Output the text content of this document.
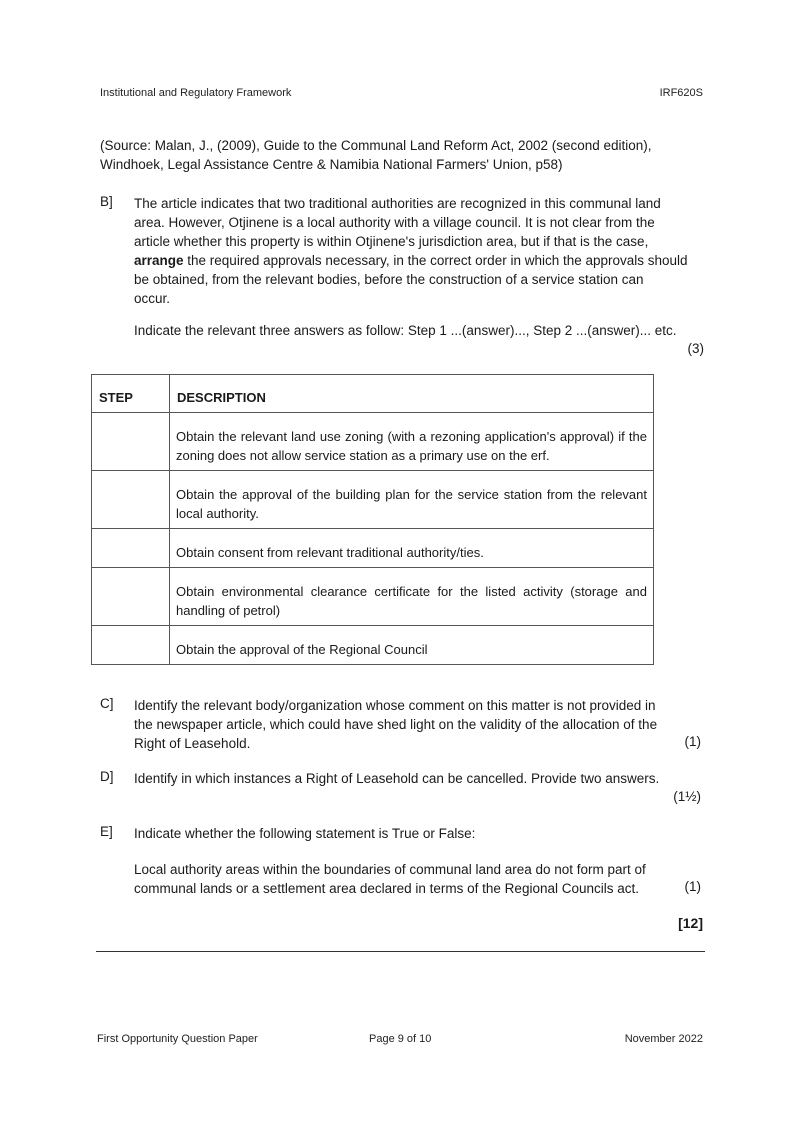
Institutional and Regulatory Framework	IRF620S
(Source: Malan, J., (2009), Guide to the Communal Land Reform Act, 2002 (second edition),
Windhoek, Legal Assistance Centre & Namibia National Farmers' Union, p58)
B] The article indicates that two traditional authorities are recognized in this communal land
area. However, Otjinene is a local authority with a village council. It is not clear from the
article whether this property is within Otjinene's jurisdiction area, but if that is the case,
arrange the required approvals necessary, in the correct order in which the approvals should
be obtained, from the relevant bodies, before the construction of a service station can
occur.
Indicate the relevant three answers as follow: Step 1 ...(answer)..., Step 2 ...(answer)... etc.
(3)
STEP	DESCRIPTION
	Obtain the relevant land use zoning (with a rezoning application's approval) if the zoning does not allow service station as a primary use on the erf.
	Obtain the approval of the building plan for the service station from the relevant local authority.
	Obtain consent from relevant traditional authority/ties.
	Obtain environmental clearance certificate for the listed activity (storage and handling of petrol)
	Obtain the approval of the Regional Council
C] Identify the relevant body/organization whose comment on this matter is not provided in
the newspaper article, which could have shed light on the validity of the allocation of the
Right of Leasehold.	(1)
D] Identify in which instances a Right of Leasehold can be cancelled. Provide two answers.
(1½)
E] Indicate whether the following statement is True or False:
Local authority areas within the boundaries of communal land area do not form part of
communal lands or a settlement area declared in terms of the Regional Councils act.	(1)
[12]
First Opportunity Question Paper	Page 9 of 10	November 2022
